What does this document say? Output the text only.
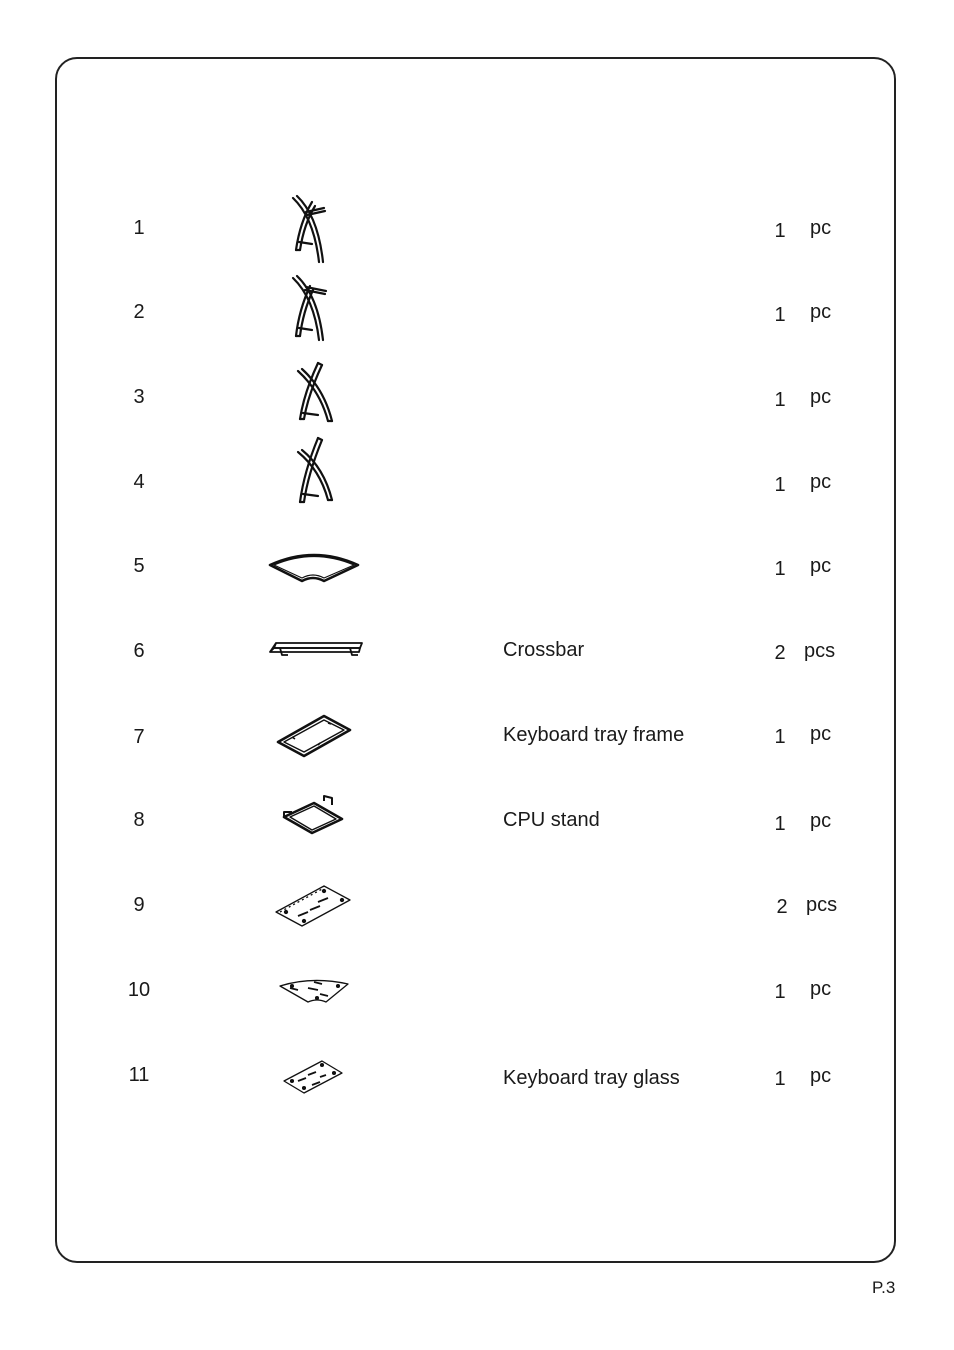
1	1 pc
2	1 pc
3	1 pc
4	1 pc
5	1 pc
6	Crossbar	2 pcs
7	Keyboard tray frame	1 pc
8	CPU stand	1 pc
9	2 pcs
10	1 pc
11	Keyboard tray glass	1 pc
P.3
